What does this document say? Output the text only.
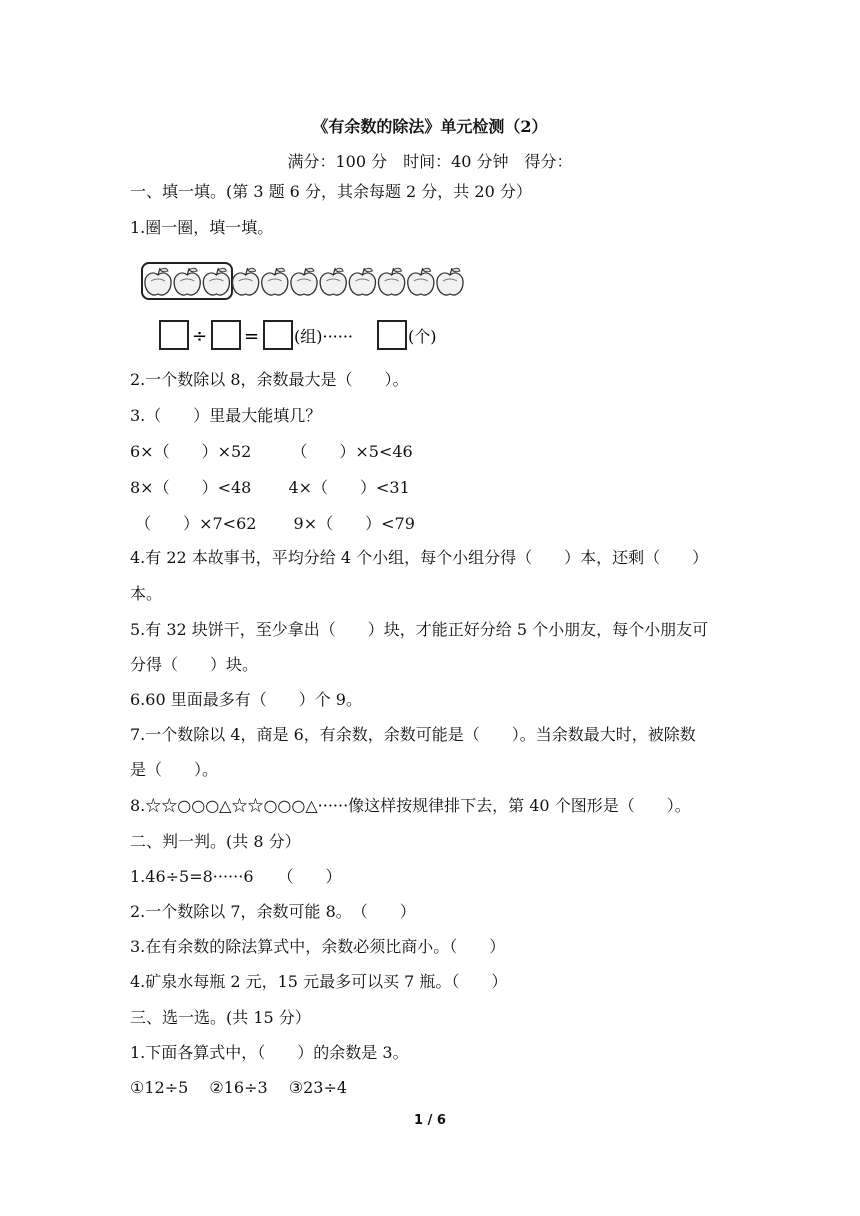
《有余数的除法》单元检测（2）
满分：100 分　时间：40 分钟　得分：
一、填一填。(第 3 题 6 分，其余每题 2 分，共 20 分）
1.圈一圈，填一填。
÷ = (组)······	(个)
2.一个数除以 8，余数最大是（　　）。
3.（　　）里最大能填几？
6×（　　）×52　　　（　　）×5<46
8×（　　）<48　　 4×（　　）<31
（　　）×7<62　　 9×（　　）<79
4.有 22 本故事书，平均分给 4 个小组，每个小组分得（　　）本，还剩（　　）
本。
5.有 32 块饼干，至少拿出（　　）块，才能正好分给 5 个小朋友，每个小朋友可
分得（　　）块。
6.60 里面最多有（　　）个 9。
7.一个数除以 4，商是 6，有余数，余数可能是（　　）。当余数最大时，被除数
是（　　）。
8.☆☆○○○△☆☆○○○△······像这样按规律排下去，第 40 个图形是（　　）。
二、判一判。(共 8 分）
1.46÷5=8······6　　（　　）
2.一个数除以 7，余数可能 8。　（　　）
3.在有余数的除法算式中，余数必须比商小。（　　）
4.矿泉水每瓶 2 元，15 元最多可以买 7 瓶。（　　）
三、选一选。(共 15 分）
1.下面各算式中，（　　）的余数是 3。
①12÷5　 ②16÷3　 ③23÷4
1 / 6
